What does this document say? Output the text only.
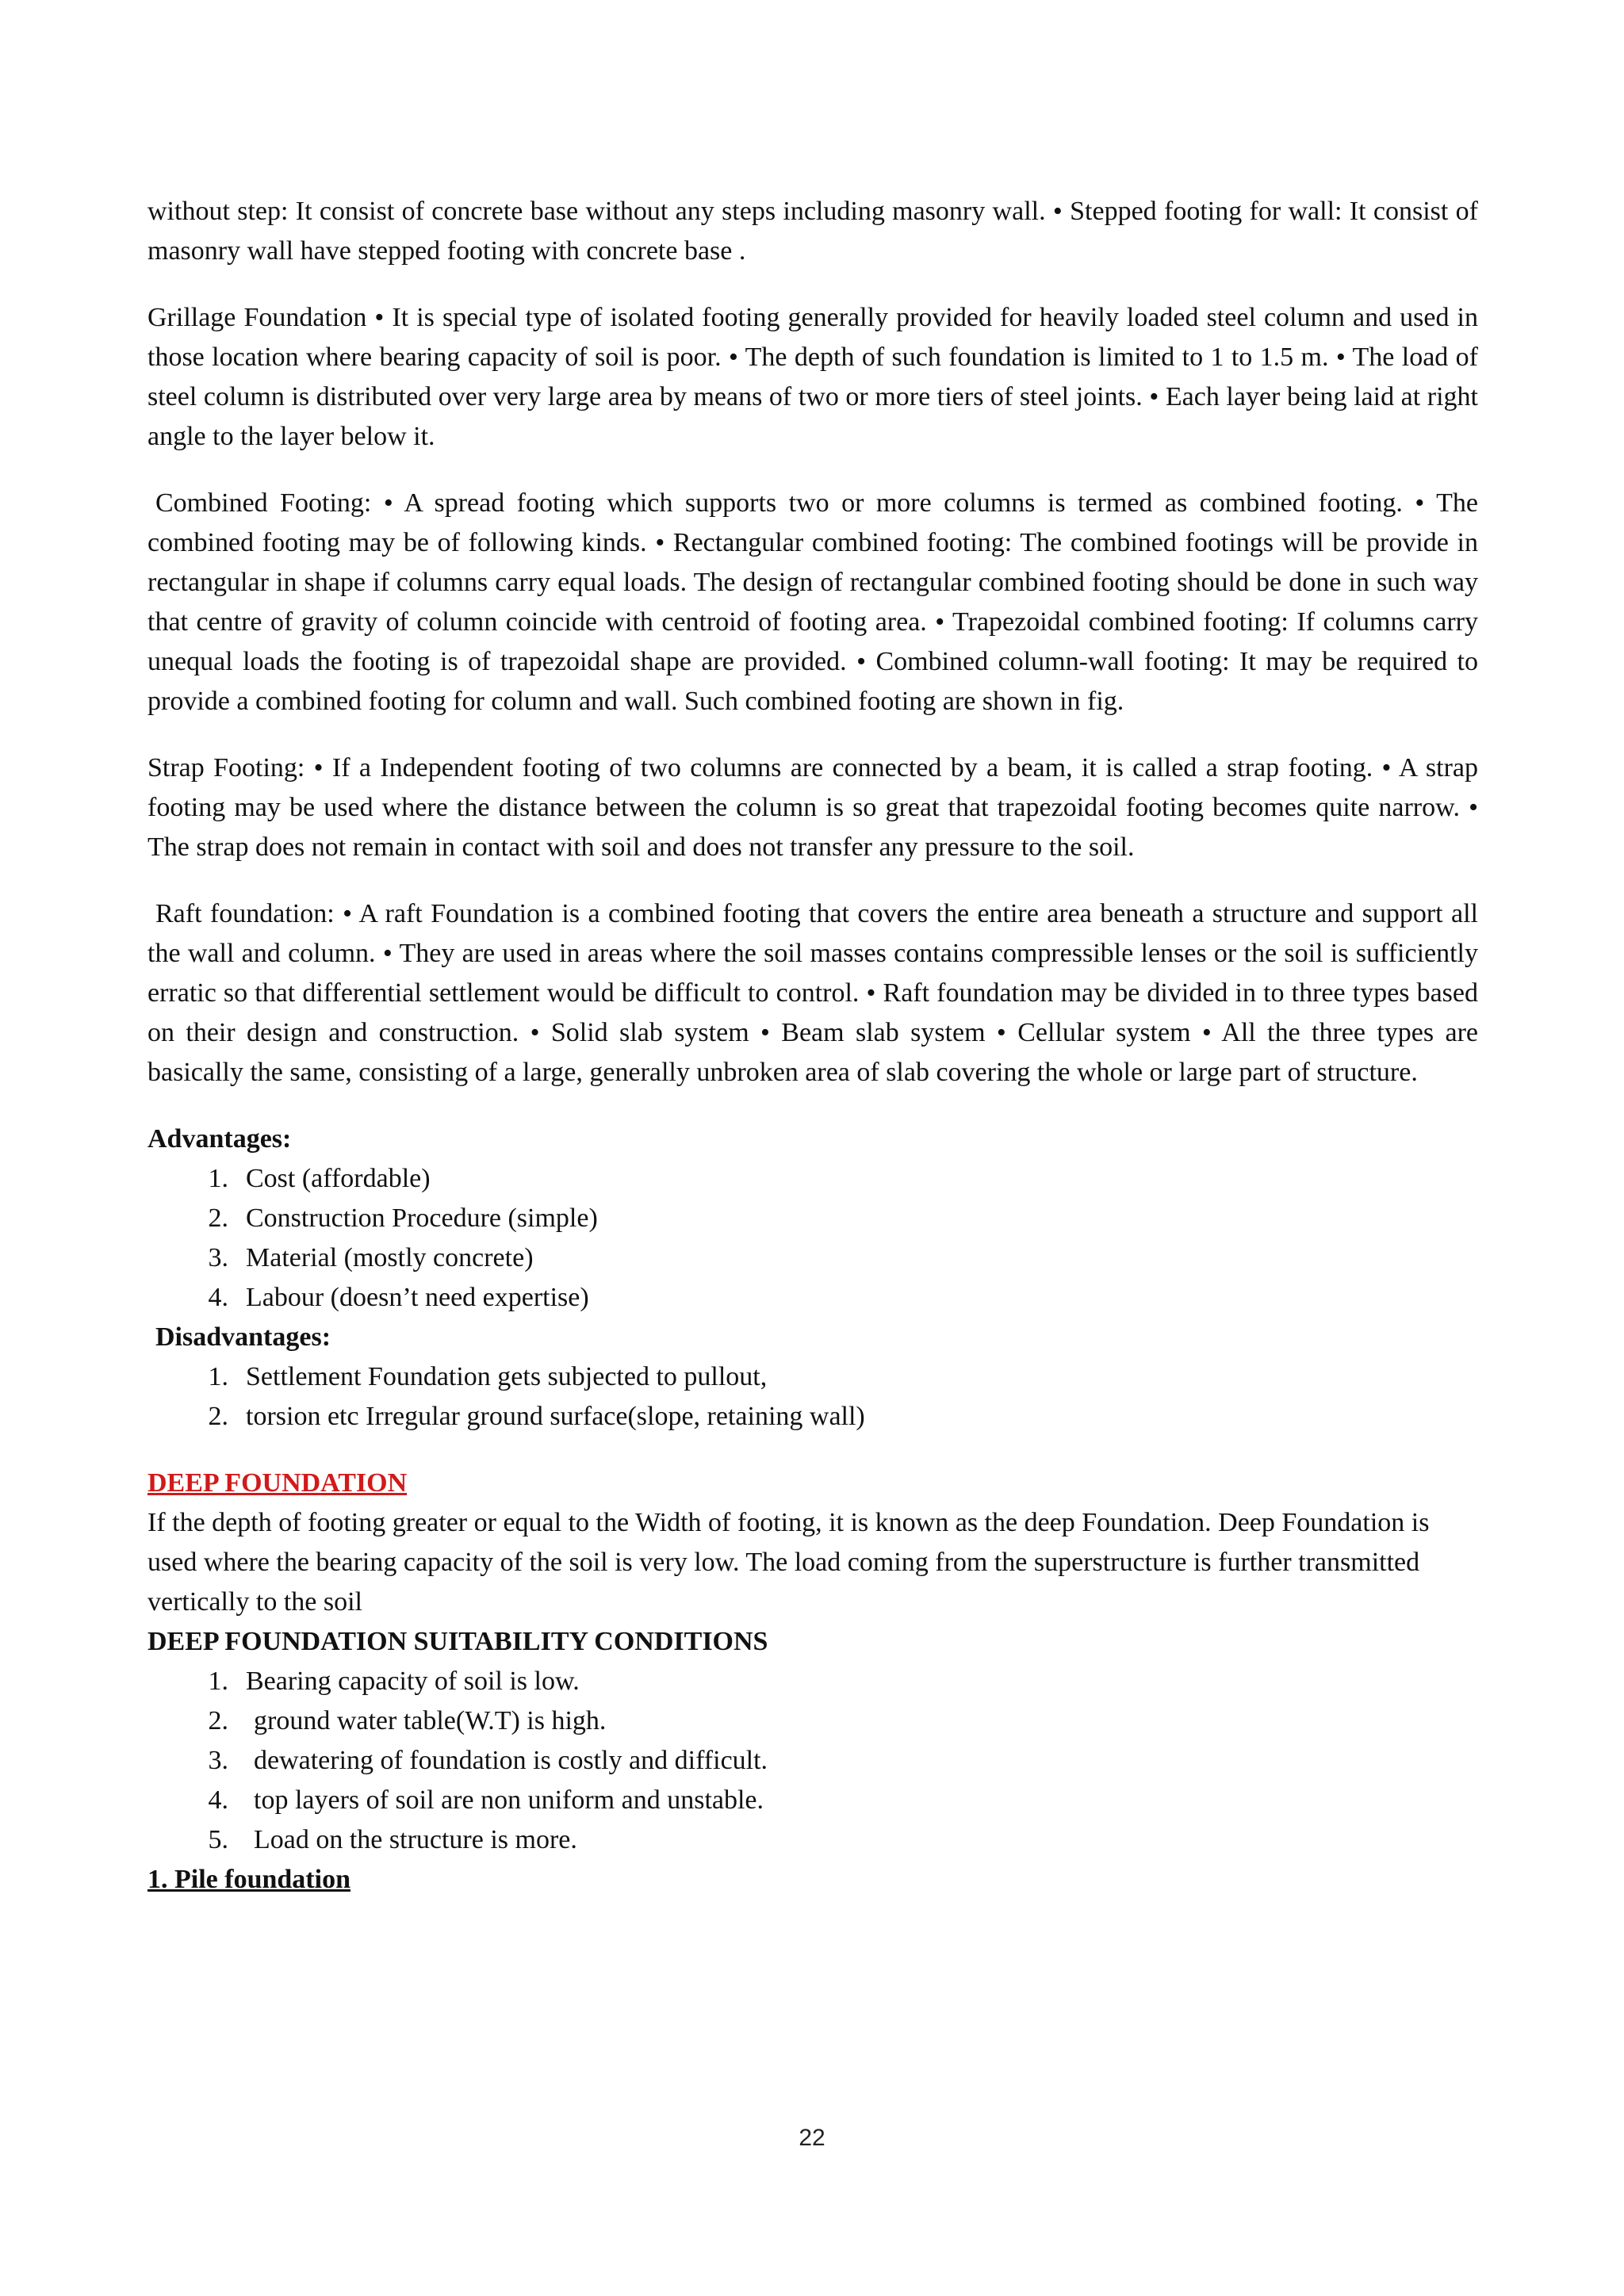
without step: It consist of concrete base without any steps including masonry wall. • Stepped footing for wall: It consist of masonry wall have stepped footing with concrete base .

Grillage Foundation • It is special type of isolated footing generally provided for heavily loaded steel column and used in those location where bearing capacity of soil is poor. • The depth of such foundation is limited to 1 to 1.5 m. • The load of steel column is distributed over very large area by means of two or more tiers of steel joints. • Each layer being laid at right angle to the layer below it.

Combined Footing: • A spread footing which supports two or more columns is termed as combined footing. • The combined footing may be of following kinds. • Rectangular combined footing: The combined footings will be provide in rectangular in shape if columns carry equal loads. The design of rectangular combined footing should be done in such way that centre of gravity of column coincide with centroid of footing area. • Trapezoidal combined footing: If columns carry unequal loads the footing is of trapezoidal shape are provided. • Combined column-wall footing: It may be required to provide a combined footing for column and wall. Such combined footing are shown in fig.

Strap Footing: • If a Independent footing of two columns are connected by a beam, it is called a strap footing. • A strap footing may be used where the distance between the column is so great that trapezoidal footing becomes quite narrow. • The strap does not remain in contact with soil and does not transfer any pressure to the soil.

Raft foundation: • A raft Foundation is a combined footing that covers the entire area beneath a structure and support all the wall and column. • They are used in areas where the soil masses contains compressible lenses or the soil is sufficiently erratic so that differential settlement would be difficult to control. • Raft foundation may be divided in to three types based on their design and construction. • Solid slab system • Beam slab system • Cellular system • All the three types are basically the same, consisting of a large, generally unbroken area of slab covering the whole or large part of structure.

Advantages:
1. Cost (affordable)
2. Construction Procedure (simple)
3. Material (mostly concrete)
4. Labour (doesn’t need expertise)
Disadvantages:
1. Settlement Foundation gets subjected to pullout,
2. torsion etc Irregular ground surface(slope, retaining wall)
DEEP FOUNDATION

If the depth of footing greater or equal to the Width of footing, it is known as the deep Foundation. Deep Foundation is used where the bearing capacity of the soil is very low. The load coming from the superstructure is further transmitted vertically to the soil

DEEP FOUNDATION SUITABILITY CONDITIONS
1. Bearing capacity of soil is low.
2. ground water table(W.T) is high.
3. dewatering of foundation is costly and difficult.
4. top layers of soil are non uniform and unstable.
5. Load on the structure is more.
1. Pile foundation
22
